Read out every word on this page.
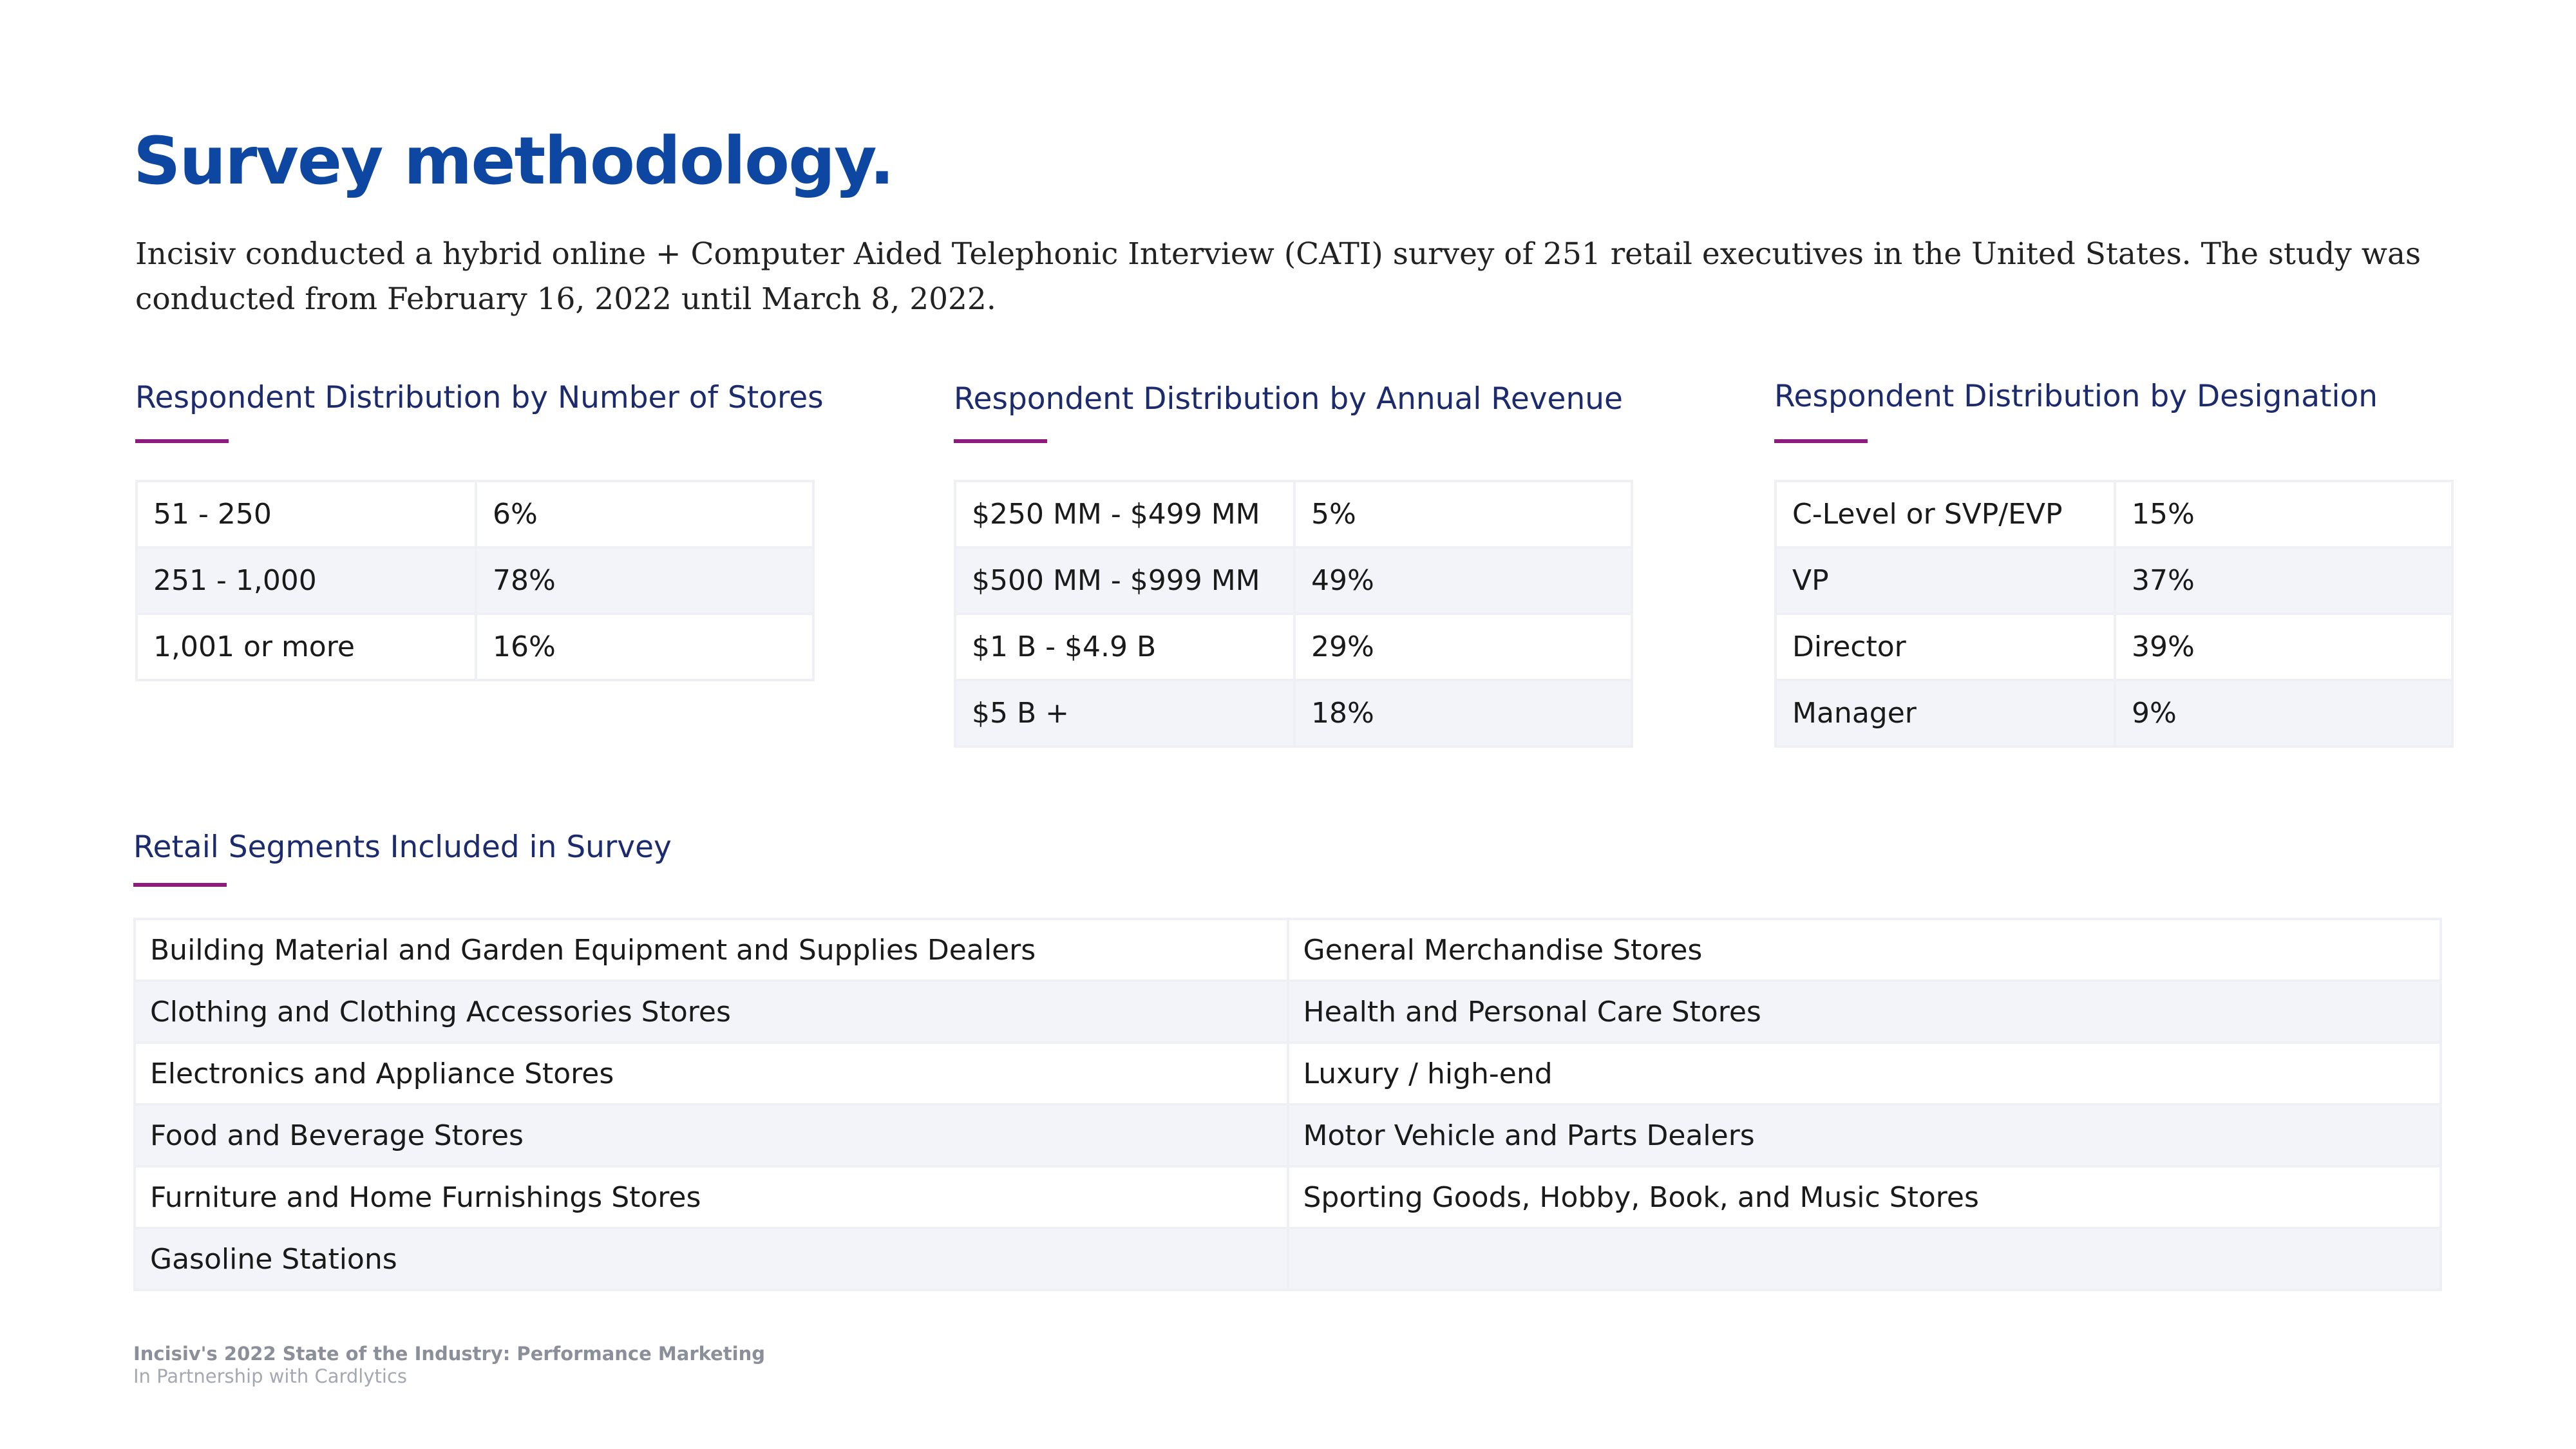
Survey methodology.

Incisiv conducted a hybrid online + Computer Aided Telephonic Interview (CATI) survey of 251 retail executives in the United States. The study was conducted from February 16, 2022 until March 8, 2022.

Respondent Distribution by Number of Stores
51 - 250	6%
251 - 1,000	78%
1,001 or more	16%
Respondent Distribution by Annual Revenue
$250 MM - $499 MM	5%
$500 MM - $999 MM	49%
$1 B - $4.9 B	29%
$5 B +	18%
Respondent Distribution by Designation
C-Level or SVP/EVP	15%
VP	37%
Director	39%
Manager	9%
Retail Segments Included in Survey
Building Material and Garden Equipment and Supplies Dealers	General Merchandise Stores
Clothing and Clothing Accessories Stores	Health and Personal Care Stores
Electronics and Appliance Stores	Luxury / high-end
Food and Beverage Stores	Motor Vehicle and Parts Dealers
Furniture and Home Furnishings Stores	Sporting Goods, Hobby, Book, and Music Stores
Gasoline Stations	
Incisiv's 2022 State of the Industry: Performance Marketing
In Partnership with Cardlytics
